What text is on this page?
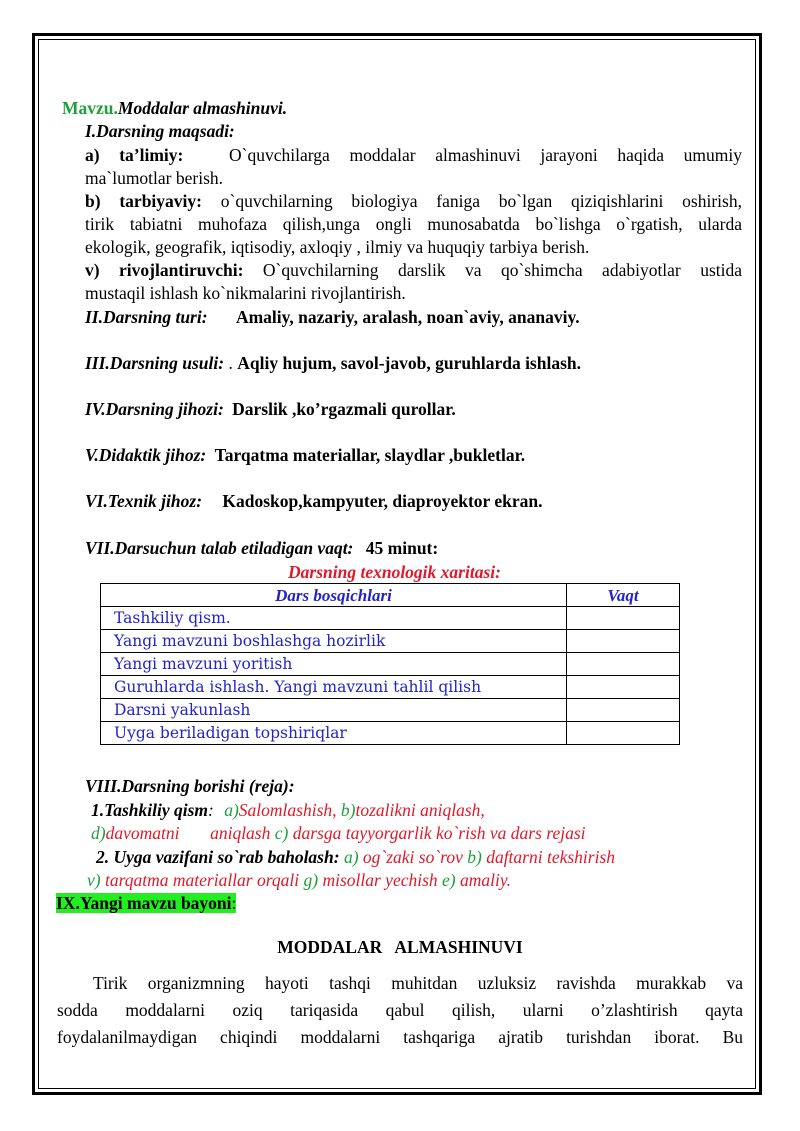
Mavzu.Moddalar almashinuvi.
I.Darsning maqsadi:
a) ta’limiy:	O`quvchilarga moddalar almashinuvi jarayoni haqida umumiy
ma`lumotlar berish.
b) tarbiyaviy: o`quvchilarning biologiya faniga bo`lgan qiziqishlarini oshirish,
tirik tabiatni muhofaza qilish,unga ongli munosabatda bo`lishga o`rgatish, ularda
ekologik, geografik, iqtisodiy, axloqiy , ilmiy va huquqiy tarbiya berish.
v) rivojlantiruvchi: O`quvchilarning darslik va qo`shimcha adabiyotlar ustida
mustaqil ishlash ko`nikmalarini rivojlantirish.
II.Darsning turi: Amaliy, nazariy, aralash, noan`aviy, ananaviy.
III.Darsning usuli: . Aqliy hujum, savol-javob, guruhlarda ishlash.
IV.Darsning jihozi: Darslik ,ko’rgazmali qurollar.
V.Didaktik jihoz: Tarqatma materiallar, slaydlar ,bukletlar.
VI.Texnik jihoz: Kadoskop,kampyuter, diaproyektor ekran.
VII.Darsuchun talab etiladigan vaqt: 45 minut:
Darsning texnologik xaritasi:
Dars bosqichlari	Vaqt
Tashkiliy qism.	
Yangi mavzuni boshlashga hozirlik	
Yangi mavzuni yoritish	
Guruhlarda ishlash. Yangi mavzuni tahlil qilish	
Darsni yakunlash	
Uyga beriladigan topshiriqlar	
VIII.Darsning borishi (reja):
1.Tashkiliy qism: a)Salomlashish, b)tozalikni aniqlash,
d)davomatni       aniqlash c) darsga tayyorgarlik ko`rish va dars rejasi
2. Uyga vazifani so`rab baholash: a) og`zaki so`rov b) daftarni tekshirish
v) tarqatma materiallar orqali g) misollar yechish e) amaliy.
IX.Yangi mavzu bayoni:
MODDALAR   ALMASHINUVI
Tirik organizmning hayoti tashqi muhitdan uzluksiz ravishda murakkab va
sodda moddalarni oziq tariqasida qabul qilish, ularni o’zlashtirish qayta
foydalanilmaydigan chiqindi moddalarni tashqariga ajratib turishdan iborat. Bu
